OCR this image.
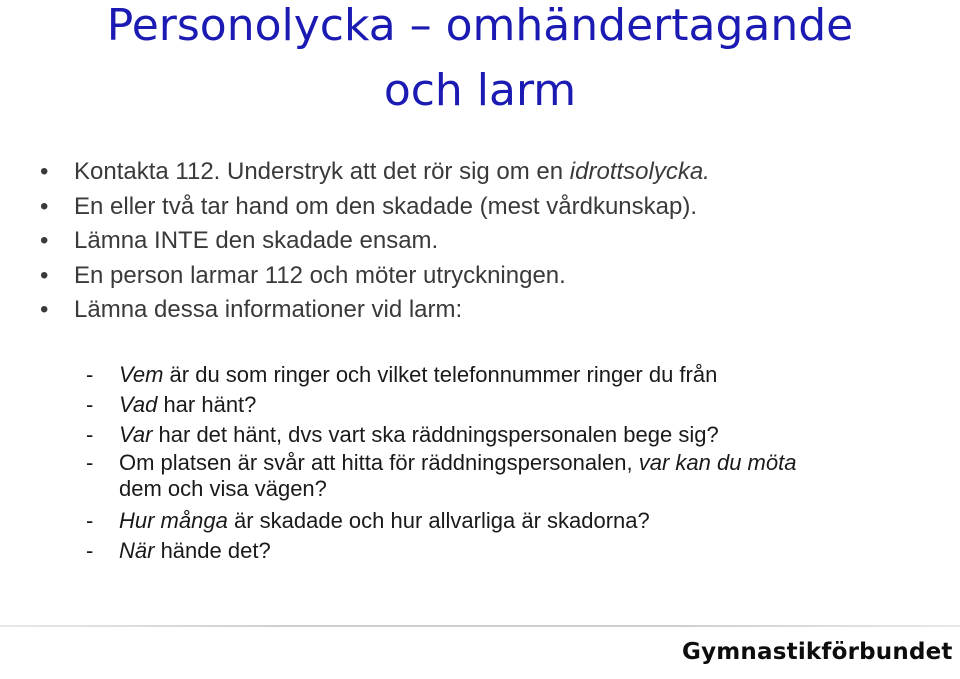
Personolycka – omhändertagande
och larm
• Kontakta 112. Understryk att det rör sig om en idrottsolycka.
• En eller två tar hand om den skadade (mest vårdkunskap).
• Lämna INTE den skadade ensam.
• En person larmar 112 och möter utryckningen.
• Lämna dessa informationer vid larm:
- Vem är du som ringer och vilket telefonnummer ringer du från
- Vad har hänt?
- Var har det hänt, dvs vart ska räddningspersonalen bege sig?
- Om platsen är svår att hitta för räddningspersonalen, var kan du möta
dem och visa vägen?
- Hur många är skadade och hur allvarliga är skadorna?
- När hände det?
Gymnastikförbundet
